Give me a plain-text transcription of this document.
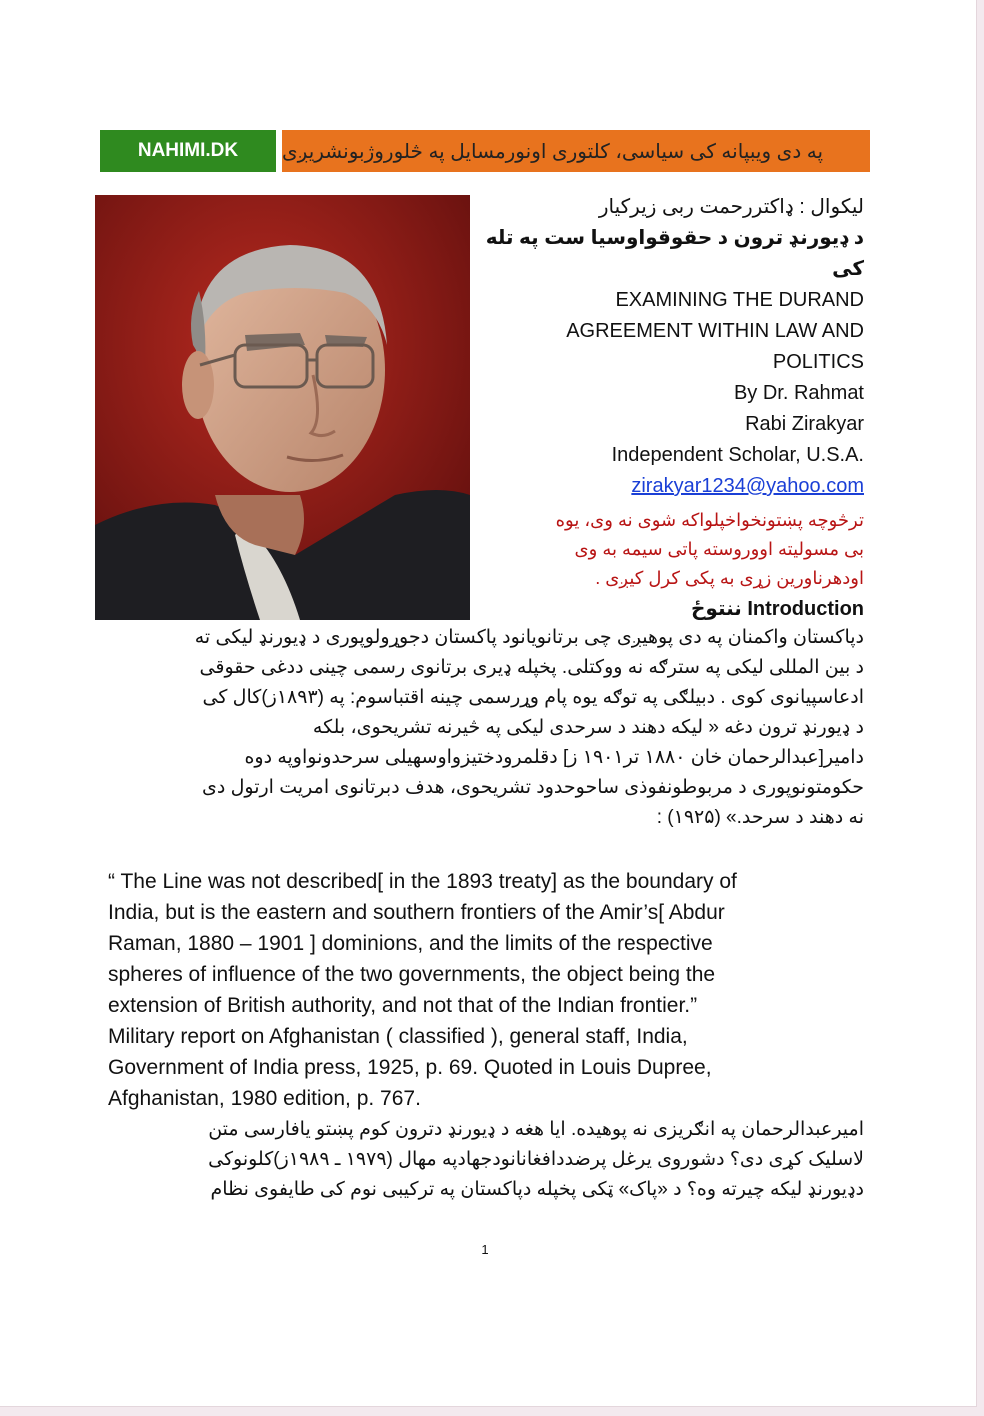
NAHIMI.DK	په دی ویبپانه کی سیاسی، کلتوری اونورمسایل په څلوروژبونشریږی
لیکوال : ډاکتررحمت ربی زیرکیار
د ډیورنډ ترون د حقوقواوسیا ست په تله کی
EXAMINING THE DURAND
AGREEMENT WITHIN LAW AND
POLITICS
By Dr. Rahmat
Rabi Zirakyar
Independent Scholar, U.S.A.
zirakyar1234@yahoo.com
ترڅوچه پښتونخواخپلواکه شوی نه وی، یوه
بی مسولیته اووروسته پاتی سیمه به وی
اودهرناورین زړی به پکی کرل کیږی .
Introduction ننتوځ
دپاکستان واکمنان په دی پوهیږی چی برتانویانود پاکستان دجوړولوپوری د ډیورنډ لیکی ته
د بین المللی لیکی په سترګه نه ووکتلی. پخپله ډیری برتانوی رسمی چینی ددغی حقوقی
ادعاسپیانوی کوی . دبیلګی په توګه یوه پام وړرسمی چینه اقتباسوم: په (۱۸۹۳ز)کال کی
د ډیورنډ ترون دغه « لیکه دهند د سرحدی لیکی په څیرنه تشریحوی، بلکه
دامیر[عبدالرحمان خان ۱۸۸۰ تر۱۹۰۱ ز] دقلمرودختیزواوسهیلی سرحدونواوپه دوه
حکومتونوپوری د مربوطونفوذی ساحوحدود تشریحوی، هدف دبرتانوی امریت ارتول دی
نه دهند د سرحد.» (۱۹۲۵) :
“ The Line was not described[ in the 1893 treaty] as the boundary of
India, but is the eastern and southern frontiers of the Amir’s[ Abdur
Raman, 1880 – 1901 ] dominions, and the limits of the respective
spheres of influence of the two governments, the object being the
extension of British authority, and not that of the Indian frontier.”
Military report on Afghanistan ( classified ), general staff, India,
Government of India press, 1925, p. 69. Quoted in Louis Dupree,
Afghanistan, 1980 edition, p. 767.
امیرعبدالرحمان په انګریزی نه پوهیده. ایا هغه د ډیورنډ دترون کوم پښتو یافارسی متن
لاسلیک کړی دی؟ دشوروی یرغل پرضددافغانانودجهادپه مهال (۱۹۷۹ ـ ۱۹۸۹ز)کلونوکی
دډیورنډ لیکه چیرته وه؟ د «پاک» ټکی پخپله دپاکستان په ترکیبی نوم کی طایفوی نظام
1
